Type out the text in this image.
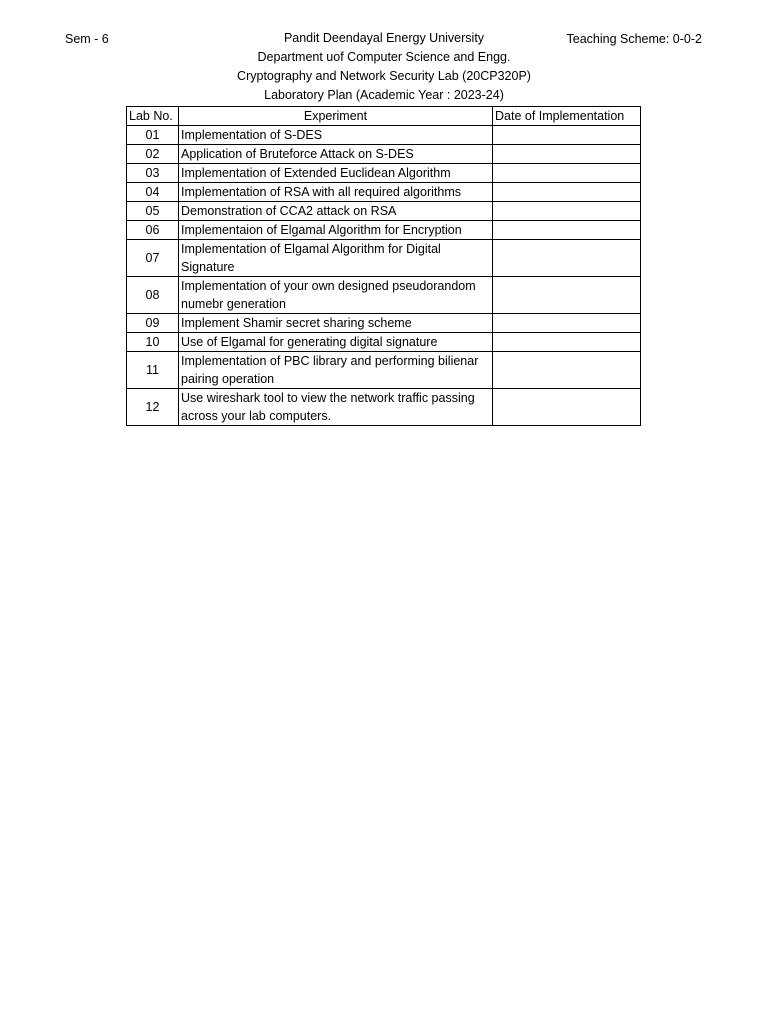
Sem - 6	Teaching Scheme: 0-0-2
Pandit Deendayal Energy University
Department uof Computer Science and Engg.
Cryptography and Network Security Lab (20CP320P)
Laboratory Plan (Academic Year : 2023-24)
Lab No.	Experiment	Date of Implementation
01	Implementation of S-DES	
02	Application of Bruteforce Attack on S-DES	
03	Implementation of Extended Euclidean Algorithm	
04	Implementation of RSA with all required algorithms	
05	Demonstration of CCA2 attack on RSA	
06	Implementaion of Elgamal Algorithm for Encryption	
07	Implementation of Elgamal Algorithm for Digital Signature	
08	Implementation of your own designed pseudorandom numebr generation	
09	Implement Shamir secret sharing scheme	
10	Use of Elgamal for generating digital signature	
11	Implementation of PBC library and performing bilienar pairing operation	
12	Use wireshark tool to view the network traffic passing across your lab computers.	
